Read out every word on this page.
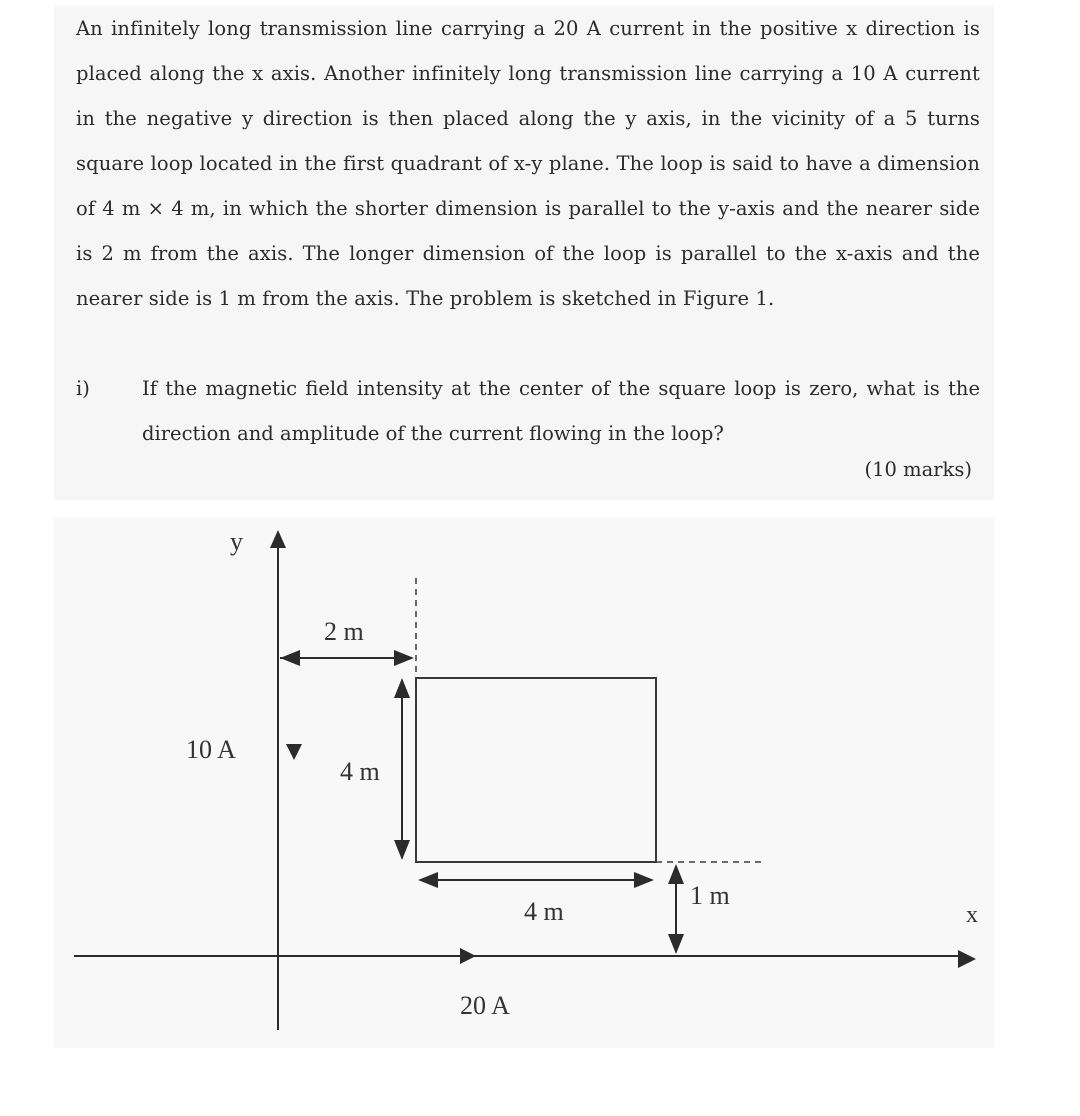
An infinitely long transmission line carrying a 20 A current in the positive x direction is placed along the x axis. Another infinitely long transmission line carrying a 10 A current in the negative y direction is then placed along the y axis, in the vicinity of a 5 turns square loop located in the first quadrant of x-y plane. The loop is said to have a dimension of 4 m × 4 m, in which the shorter dimension is parallel to the y-axis and the nearer side is 2 m from the axis. The longer dimension of the loop is parallel to the x-axis and the nearer side is 1 m from the axis. The problem is sketched in Figure 1.
i)	If the magnetic field intensity at the center of the square loop is zero, what is the direction and amplitude of the current flowing in the loop?
(10 marks)
y
10 A
x
20 A
2 m
4 m
4 m
1 m
